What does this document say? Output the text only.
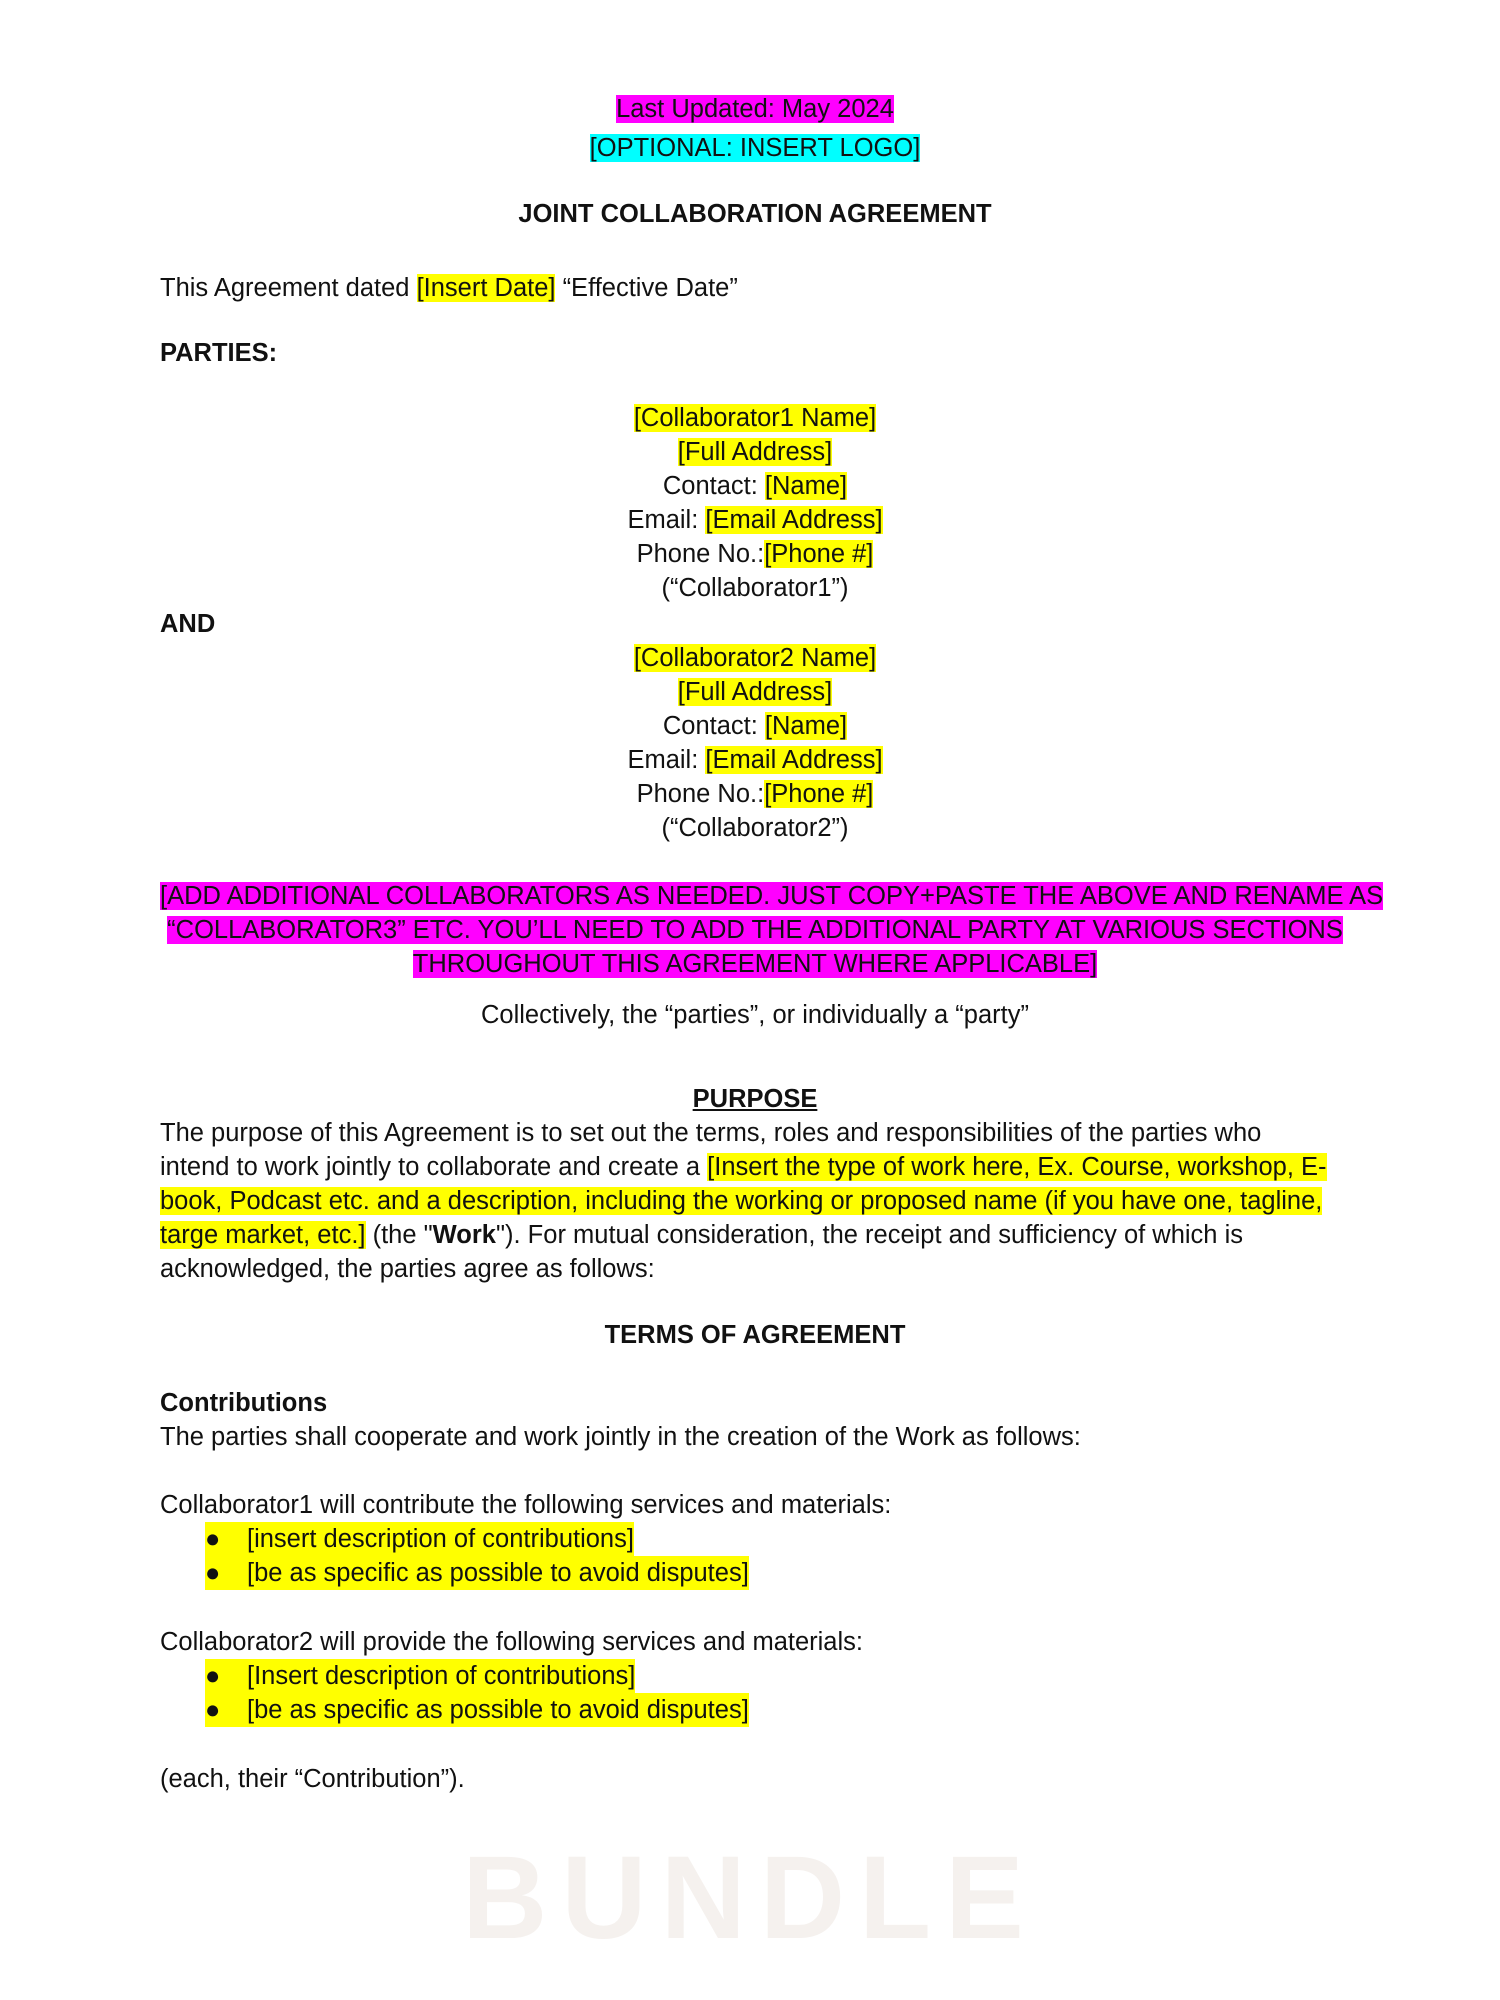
Last Updated: May 2024
[OPTIONAL: INSERT LOGO]
JOINT COLLABORATION AGREEMENT
This Agreement dated [Insert Date] “Effective Date”
PARTIES:
[Collaborator1 Name]
[Full Address]
Contact: [Name]
Email: [Email Address]
Phone No.:[Phone #]
(“Collaborator1”)
AND
[Collaborator2 Name]
[Full Address]
Contact: [Name]
Email: [Email Address]
Phone No.:[Phone #]
(“Collaborator2”)
[ADD ADDITIONAL COLLABORATORS AS NEEDED. JUST COPY+PASTE THE ABOVE AND RENAME AS
“COLLABORATOR3” ETC. YOU’LL NEED TO ADD THE ADDITIONAL PARTY AT VARIOUS SECTIONS
THROUGHOUT THIS AGREEMENT WHERE APPLICABLE]
Collectively, the “parties”, or individually a “party”
PURPOSE
The purpose of this Agreement is to set out the terms, roles and responsibilities of the parties who
intend to work jointly to collaborate and create a [Insert the type of work here, Ex. Course, workshop, E-
book, Podcast etc. and a description, including the working or proposed name (if you have one, tagline,
targe market, etc.] (the "Work"). For mutual consideration, the receipt and sufficiency of which is
acknowledged, the parties agree as follows:
TERMS OF AGREEMENT
Contributions
The parties shall cooperate and work jointly in the creation of the Work as follows:
Collaborator1 will contribute the following services and materials:
● [insert description of contributions]
● [be as specific as possible to avoid disputes]
Collaborator2 will provide the following services and materials:
● [Insert description of contributions]
● [be as specific as possible to avoid disputes]
(each, their “Contribution”).
BUNDLE
